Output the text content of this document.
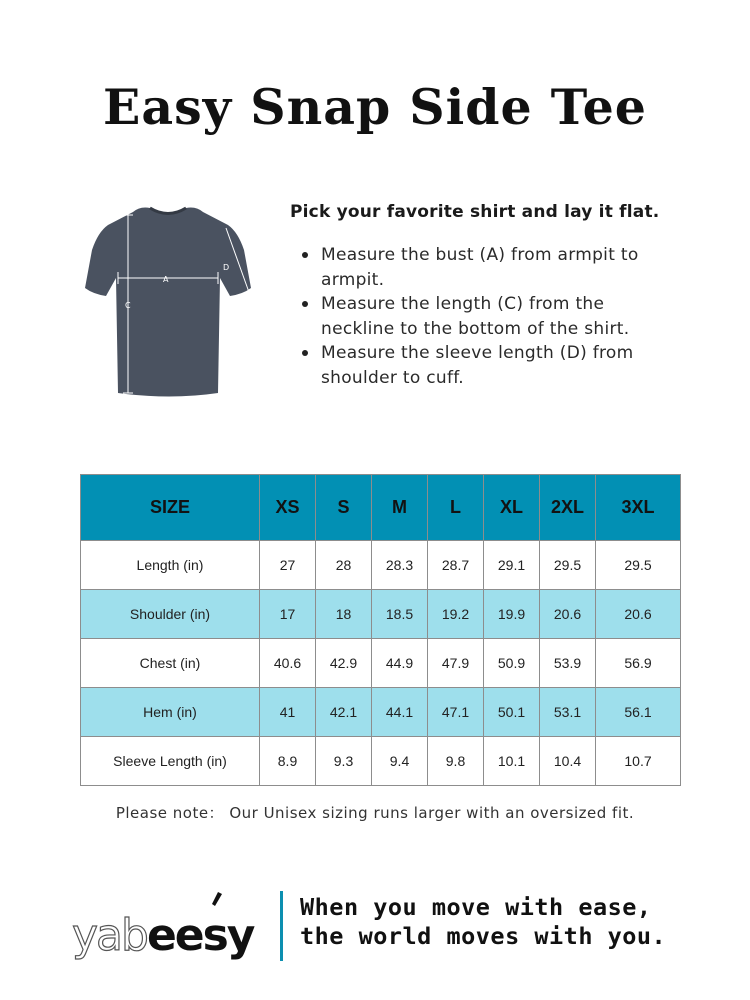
Easy Snap Side Tee
A
C
D
Pick your favorite shirt and lay it flat.
Measure the bust (A) from armpit to armpit.
Measure the length (C) from the neckline to the bottom of the shirt.
Measure the sleeve length (D) from shoulder to cuff.
SIZE	XS	S	M	L	XL	2XL	3XL
Length (in)	27	28	28.3	28.7	29.1	29.5	29.5
Shoulder (in)	17	18	18.5	19.2	19.9	20.6	20.6
Chest (in)	40.6	42.9	44.9	47.9	50.9	53.9	56.9
Hem (in)	41	42.1	44.1	47.1	50.1	53.1	56.1
Sleeve Length (in)	8.9	9.3	9.4	9.8	10.1	10.4	10.7
Please note： Our Unisex sizing runs larger with an oversized fit.
yabeesy
When you move with ease,
the world moves with you.
